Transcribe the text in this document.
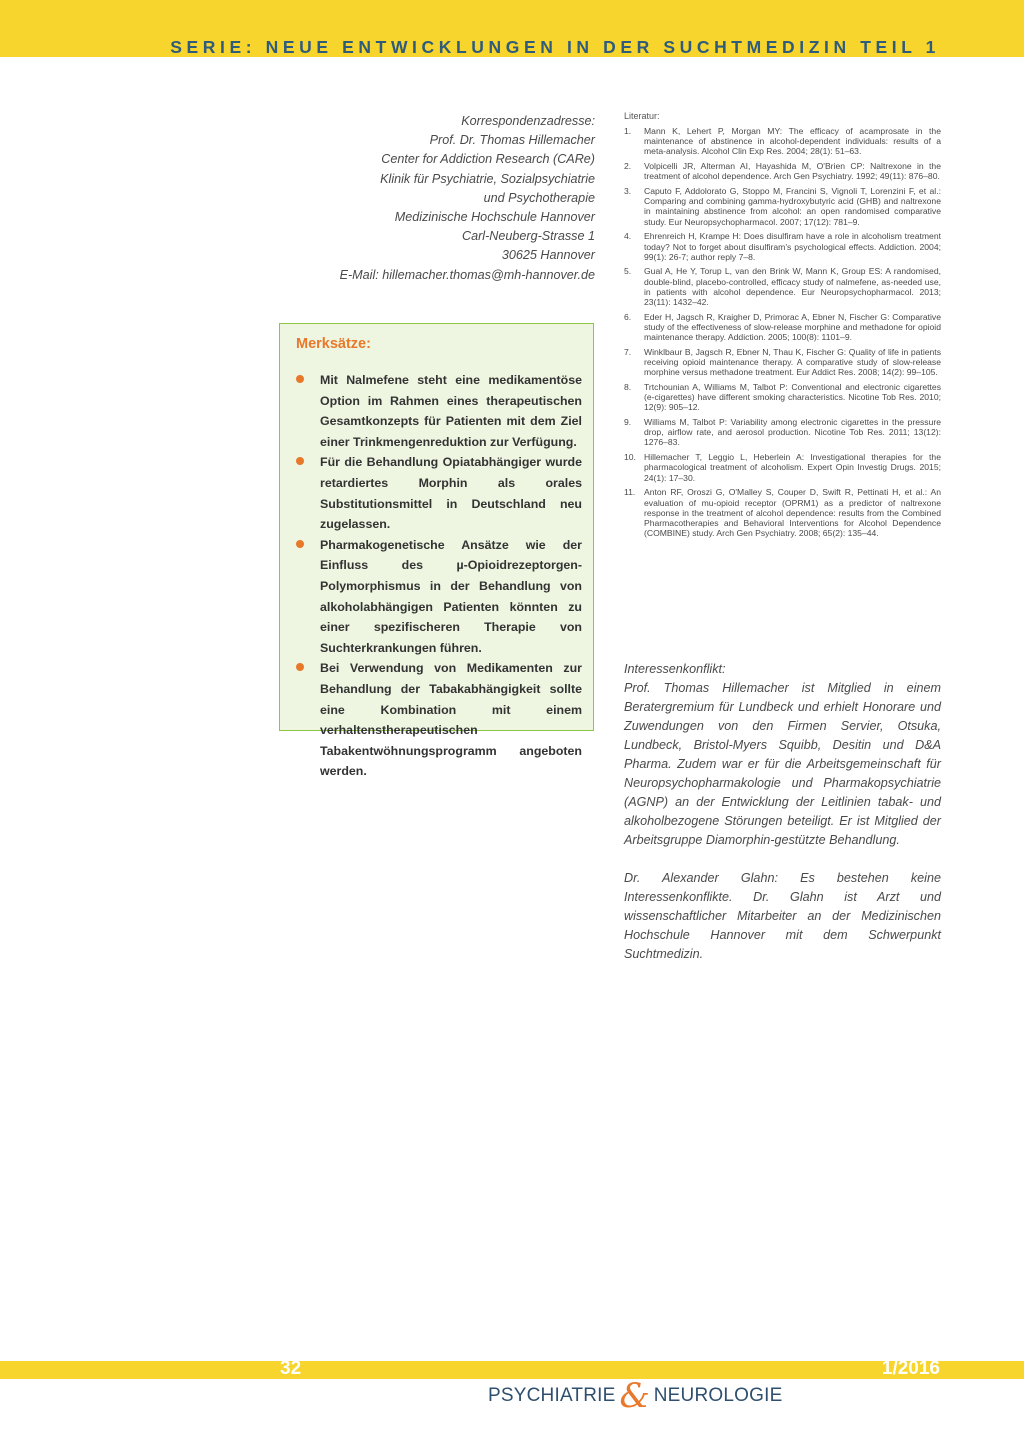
SERIE: NEUE ENTWICKLUNGEN IN DER SUCHTMEDIZIN TEIL 1
Korrespondenzadresse:
Prof. Dr. Thomas Hillemacher
Center for Addiction Research (CARe)
Klinik für Psychiatrie, Sozialpsychiatrie
und Psychotherapie
Medizinische Hochschule Hannover
Carl-Neuberg-Strasse 1
30625 Hannover
E-Mail: hillemacher.thomas@mh-hannover.de
Merksätze:
Mit Nalmefene steht eine medikamentöse Option im Rahmen eines therapeutischen Gesamtkonzepts für Patienten mit dem Ziel einer Trinkmengenreduktion zur Verfügung.
Für die Behandlung Opiatabhängiger wurde retardiertes Morphin als orales Substitutionsmittel in Deutschland neu zugelassen.
Pharmakogenetische Ansätze wie der Einfluss des µ-Opioidrezeptorgen-Polymorphismus in der Behandlung von alkoholabhängigen Patienten könnten zu einer spezifischeren Therapie von Suchterkrankungen führen.
Bei Verwendung von Medikamenten zur Behandlung der Tabakabhängigkeit sollte eine Kombination mit einem verhaltenstherapeutischen Tabakentwöhnungsprogramm angeboten werden.
Literatur:
1. Mann K, Lehert P, Morgan MY: The efficacy of acamprosate in the maintenance of abstinence in alcohol-dependent individuals: results of a meta-analysis. Alcohol Clin Exp Res. 2004; 28(1): 51–63.
2. Volpicelli JR, Alterman AI, Hayashida M, O'Brien CP: Naltrexone in the treatment of alcohol dependence. Arch Gen Psychiatry. 1992; 49(11): 876–80.
3. Caputo F, Addolorato G, Stoppo M, Francini S, Vignoli T, Lorenzini F, et al.: Comparing and combining gamma-hydroxybutyric acid (GHB) and naltrexone in maintaining abstinence from alcohol: an open randomised comparative study. Eur Neuropsychopharmacol. 2007; 17(12): 781–9.
4. Ehrenreich H, Krampe H: Does disulfiram have a role in alcoholism treatment today? Not to forget about disulfiram's psychological effects. Addiction. 2004; 99(1): 26-7; author reply 7–8.
5. Gual A, He Y, Torup L, van den Brink W, Mann K, Group ES: A randomised, double-blind, placebo-controlled, efficacy study of nalmefene, as-needed use, in patients with alcohol dependence. Eur Neuropsychopharmacol. 2013; 23(11): 1432–42.
6. Eder H, Jagsch R, Kraigher D, Primorac A, Ebner N, Fischer G: Comparative study of the effectiveness of slow-release morphine and methadone for opioid maintenance therapy. Addiction. 2005; 100(8): 1101–9.
7. Winklbaur B, Jagsch R, Ebner N, Thau K, Fischer G: Quality of life in patients receiving opioid maintenance therapy. A comparative study of slow-release morphine versus methadone treatment. Eur Addict Res. 2008; 14(2): 99–105.
8. Trtchounian A, Williams M, Talbot P: Conventional and electronic cigarettes (e-cigarettes) have different smoking characteristics. Nicotine Tob Res. 2010; 12(9): 905–12.
9. Williams M, Talbot P: Variability among electronic cigarettes in the pressure drop, airflow rate, and aerosol production. Nicotine Tob Res. 2011; 13(12): 1276–83.
10. Hillemacher T, Leggio L, Heberlein A: Investigational therapies for the pharmacological treatment of alcoholism. Expert Opin Investig Drugs. 2015; 24(1): 17–30.
11. Anton RF, Oroszi G, O'Malley S, Couper D, Swift R, Pettinati H, et al.: An evaluation of mu-opioid receptor (OPRM1) as a predictor of naltrexone response in the treatment of alcohol dependence: results from the Combined Pharmacotherapies and Behavioral Interventions for Alcohol Dependence (COMBINE) study. Arch Gen Psychiatry. 2008; 65(2): 135–44.

Interessenkonflikt:

Prof. Thomas Hillemacher ist Mitglied in einem Beratergremium für Lundbeck und erhielt Honorare und Zuwendungen von den Firmen Servier, Otsuka, Lundbeck, Bristol-Myers Squibb, Desitin und D&A Pharma. Zudem war er für die Arbeitsgemeinschaft für Neuropsychopharmakologie und Pharmakopsychiatrie (AGNP) an der Entwicklung der Leitlinien tabak- und alkoholbezogene Störungen beteiligt. Er ist Mitglied der Arbeitsgruppe Diamorphin-gestützte Behandlung.

Dr. Alexander Glahn: Es bestehen keine Interessenkonflikte. Dr. Glahn ist Arzt und wissenschaftlicher Mitarbeiter an der Medizinischen Hochschule Hannover mit dem Schwerpunkt Suchtmedizin.

32	1/2016
PSYCHIATRIE & NEUROLOGIE
